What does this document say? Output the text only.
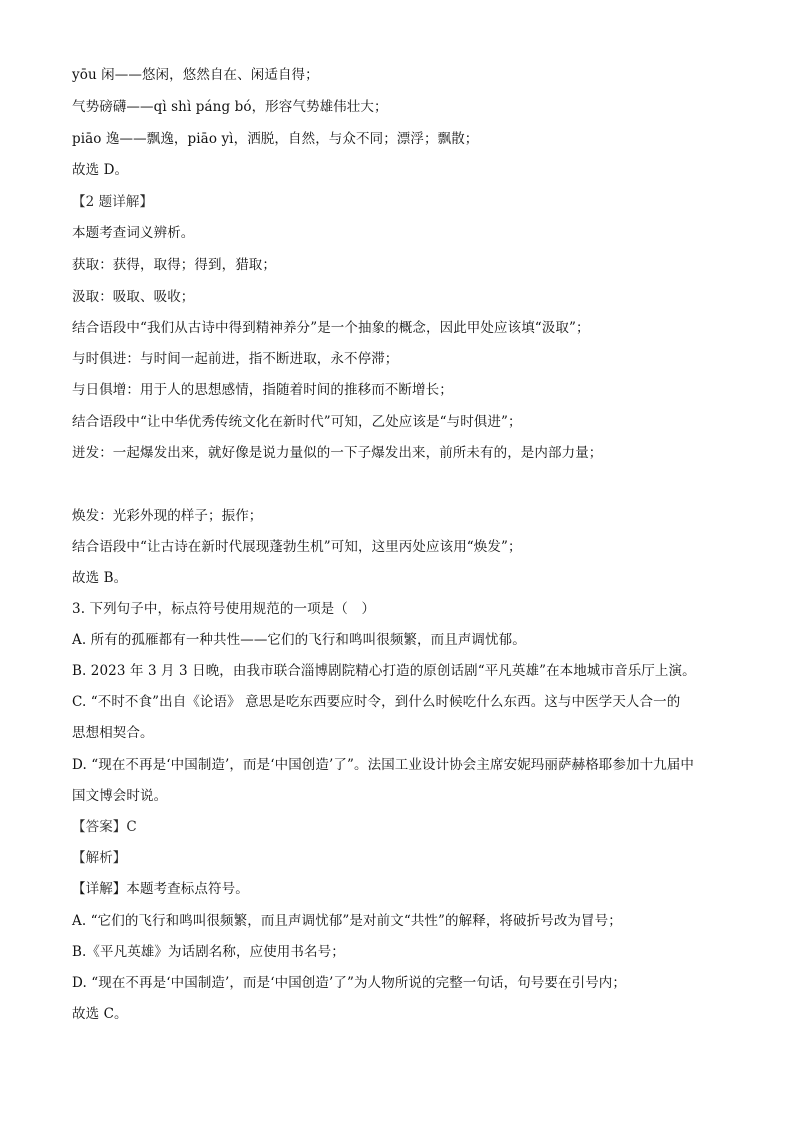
yōu 闲——悠闲，悠然自在、闲适自得；
气势磅礴——qì shì páng bó，形容气势雄伟壮大；
piāo 逸——飘逸，piāo yì，洒脱，自然，与众不同；漂浮；飘散；
故选 D。
【2 题详解】
本题考查词义辨析。
获取：获得，取得；得到，猎取；
汲取：吸取、吸收；
结合语段中“我们从古诗中得到精神养分”是一个抽象的概念，因此甲处应该填“汲取”；
与时俱进：与时间一起前进，指不断进取，永不停滞；
与日俱增：用于人的思想感情，指随着时间的推移而不断增长；
结合语段中“让中华优秀传统文化在新时代”可知，乙处应该是“与时俱进”；
迸发：一起爆发出来，就好像是说力量似的一下子爆发出来，前所未有的，是内部力量；
焕发：光彩外现的样子；振作；
结合语段中“让古诗在新时代展现蓬勃生机”可知，这里丙处应该用“焕发”；
故选 B。
3. 下列句子中，标点符号使用规范的一项是（　）
A. 所有的孤雁都有一种共性——它们的飞行和鸣叫很频繁，而且声调忧郁。
B. 2023 年 3 月 3 日晚，由我市联合淄博剧院精心打造的原创话剧“平凡英雄”在本地城市音乐厅上演。
C. “不时不食”出自《论语》 意思是吃东西要应时令，到什么时候吃什么东西。这与中医学天人合一的
思想相契合。
D. “现在不再是‘中国制造’，而是‘中国创造’了”。法国工业设计协会主席安妮玛丽萨赫格耶参加十九届中
国文博会时说。
【答案】C
【解析】
【详解】本题考查标点符号。
A. “它们的飞行和鸣叫很频繁，而且声调忧郁”是对前文“共性”的解释，将破折号改为冒号；
B.《平凡英雄》为话剧名称，应使用书名号；
D. “现在不再是‘中国制造’，而是‘中国创造’了”为人物所说的完整一句话，句号要在引号内；
故选 C。
